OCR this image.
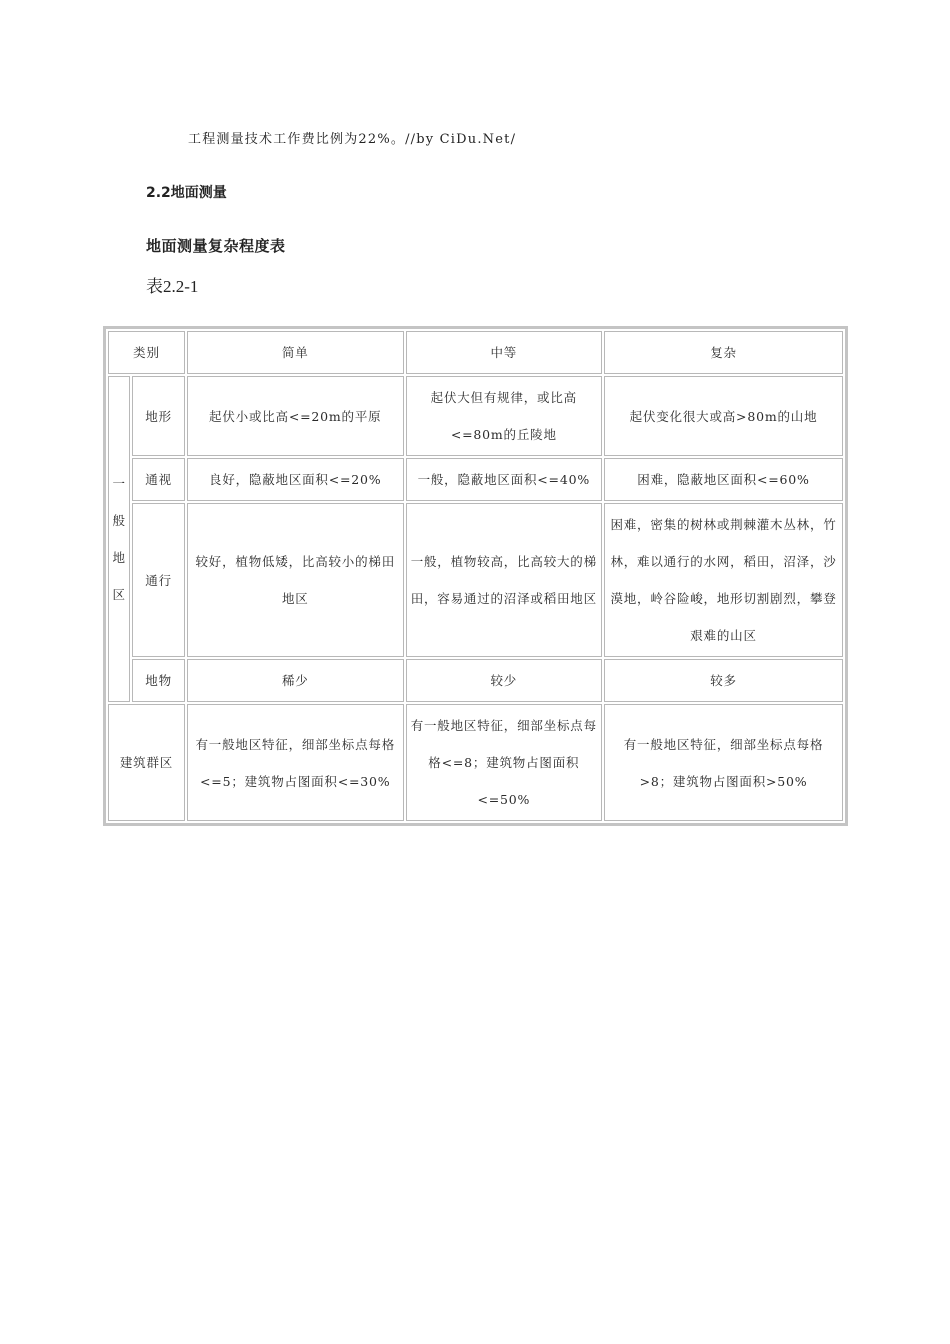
工程测量技术工作费比例为22%。//by CiDu.Net/

2.2地面测量
地面测量复杂程度表

表2.2-1

类别		简单	中等	复杂

一
般
地
区	地形	起伏小或比高<=20m的平原	起伏大但有规律，或比高<=80m的丘陵地	起伏变化很大或高>80m的山地
	通视	良好，隐蔽地区面积<=20%	一般，隐蔽地区面积<=40%	困难，隐蔽地区面积<=60%
	通行	较好，植物低矮，比高较小的梯田地区	一般，植物较高，比高较大的梯田，容易通过的沼泽或稻田地区	困难，密集的树林或荆棘灌木丛林，竹林，难以通行的水网，稻田，沼泽，沙漠地，岭谷险峻，地形切割剧烈，攀登艰难的山区
	地物	稀少	较少	较多
建筑群区		有一般地区特征，细部坐标点每格<=5；建筑物占图面积<=30%	有一般地区特征，细部坐标点每格<=8；建筑物占图面积<=50%	有一般地区特征，细部坐标点每格>8；建筑物占图面积>50%
